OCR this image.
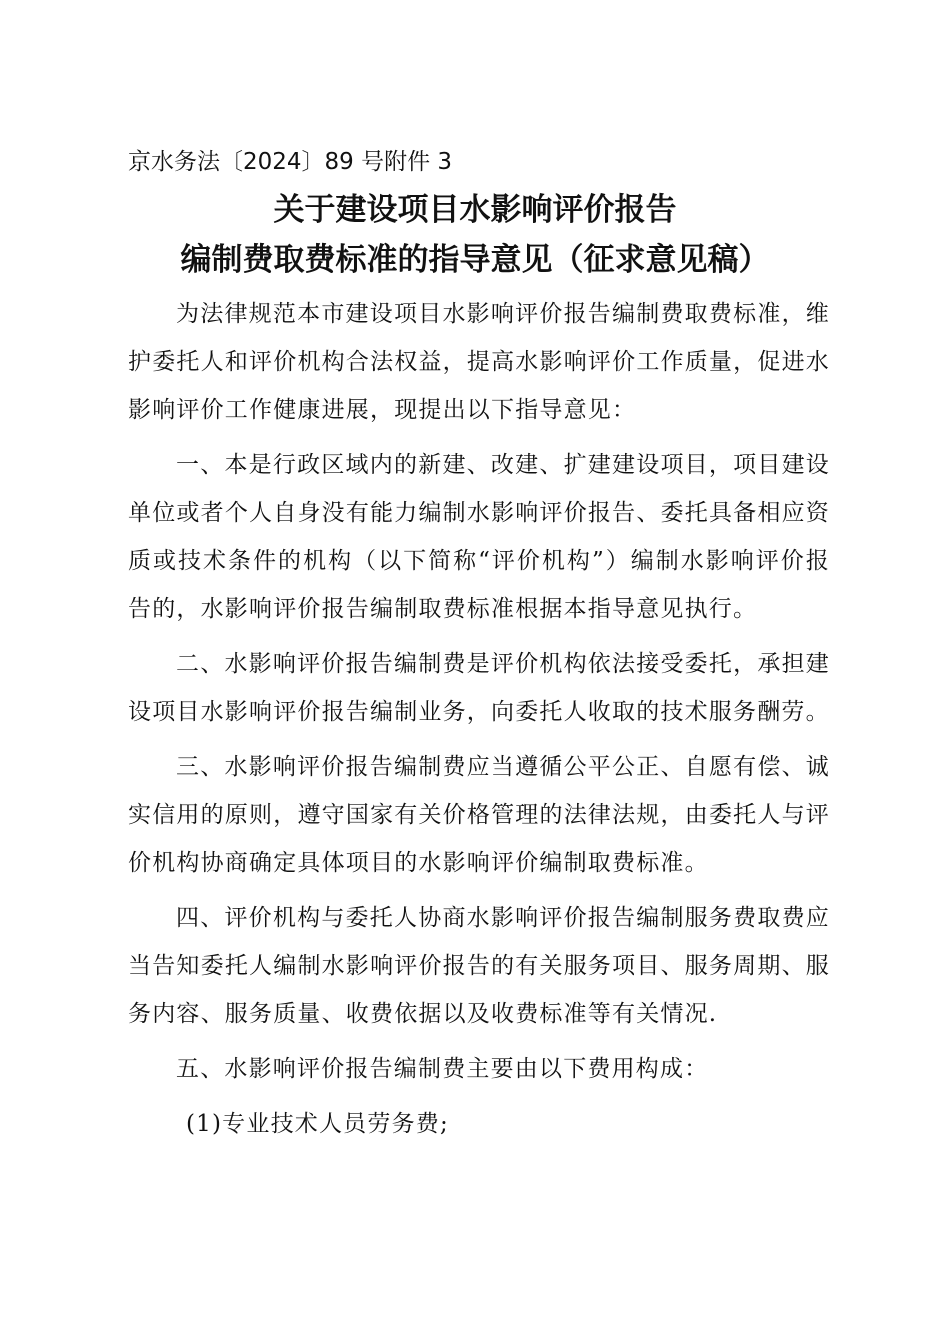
京水务法〔2024〕89 号附件 3
关于建设项目水影响评价报告
编制费取费标准的指导意见（征求意见稿）

为法律规范本市建设项目水影响评价报告编制费取费标准，维护委托人和评价机构合法权益，提高水影响评价工作质量，促进水影响评价工作健康进展，现提出以下指导意见：

一、本是行政区域内的新建、改建、扩建建设项目，项目建设单位或者个人自身没有能力编制水影响评价报告、委托具备相应资质或技术条件的机构（以下简称“评价机构”）编制水影响评价报告的，水影响评价报告编制取费标准根据本指导意见执行。

二、水影响评价报告编制费是评价机构依法接受委托，承担建设项目水影响评价报告编制业务，向委托人收取的技术服务酬劳。

三、水影响评价报告编制费应当遵循公平公正、自愿有偿、诚实信用的原则，遵守国家有关价格管理的法律法规，由委托人与评价机构协商确定具体项目的水影响评价编制取费标准。

四、评价机构与委托人协商水影响评价报告编制服务费取费应当告知委托人编制水影响评价报告的有关服务项目、服务周期、服务内容、服务质量、收费依据以及收费标准等有关情况.

五、水影响评价报告编制费主要由以下费用构成：

(1)专业技术人员劳务费;
